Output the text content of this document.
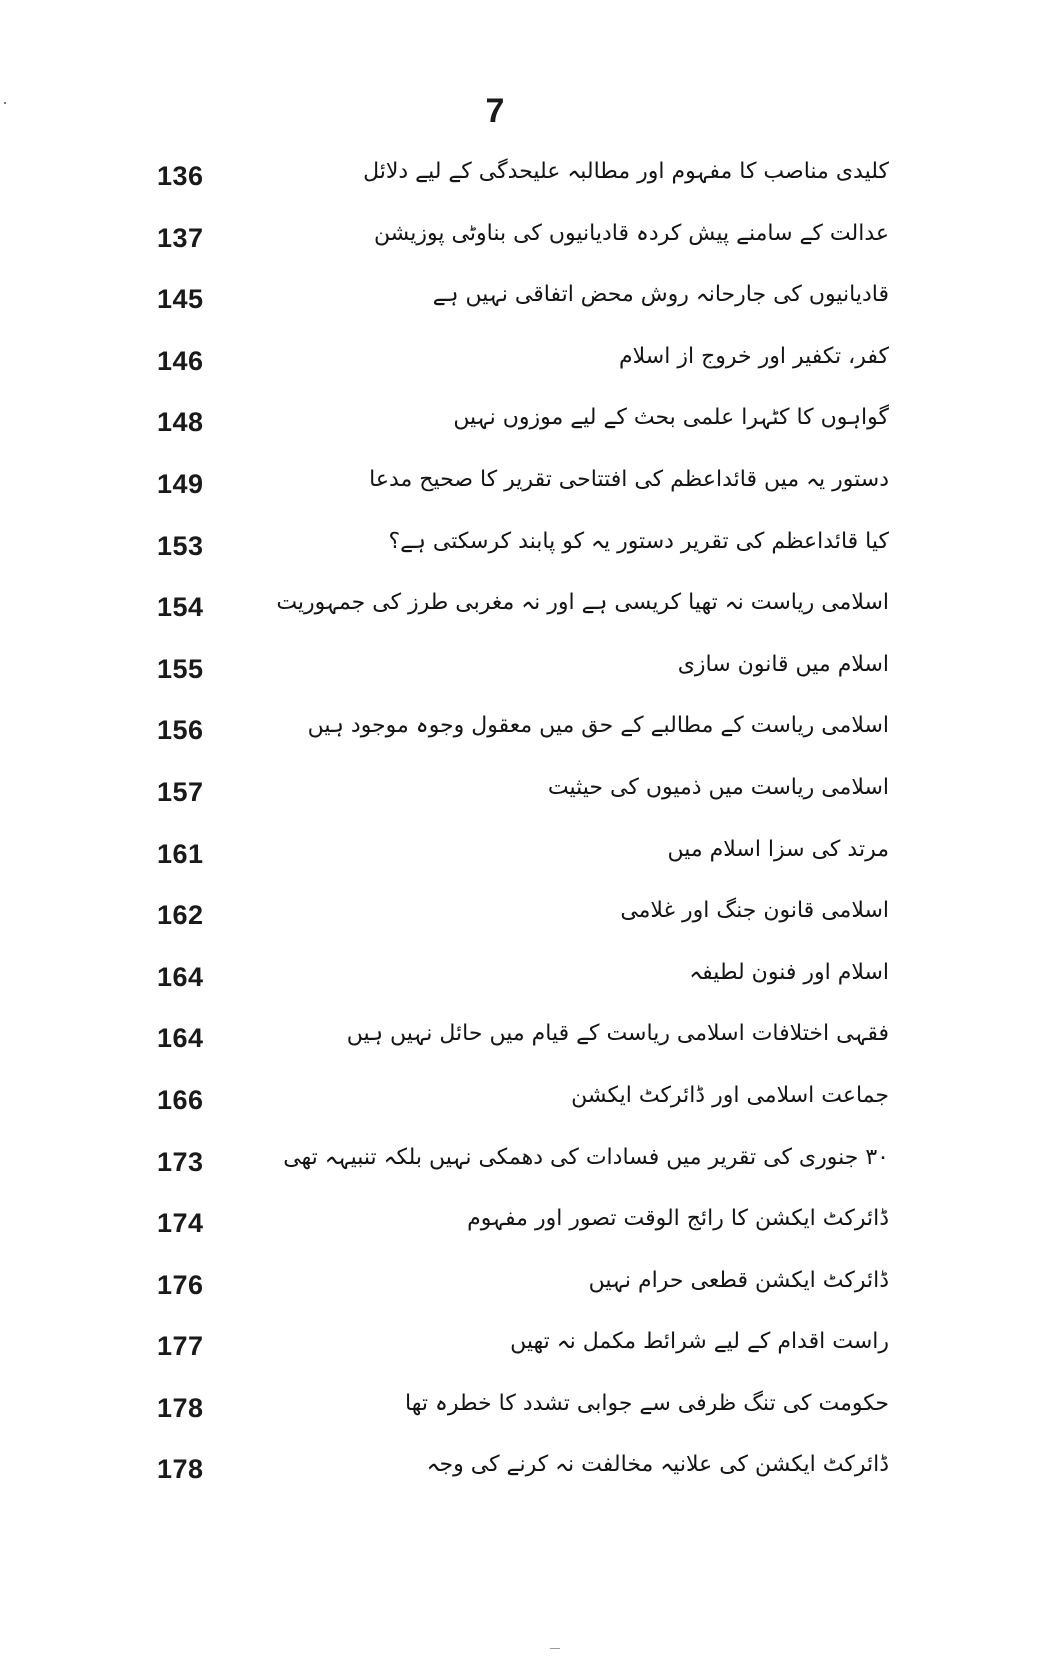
7
136	کلیدی مناصب کا مفہوم اور مطالبہ علیحدگی کے لیے دلائل
137	عدالت کے سامنے پیش کردہ قادیانیوں کی بناوٹی پوزیشن
145	قادیانیوں کی جارحانہ روش محض اتفاقی نہیں ہے
146	کفر، تکفیر اور خروج از اسلام
148	گواہوں کا کٹہرا علمی بحث کے لیے موزوں نہیں
149	دستور یہ میں قائداعظم کی افتتاحی تقریر کا صحیح مدعا
153	کیا قائداعظم کی تقریر دستور یہ کو پابند کرسکتی ہے؟
154	اسلامی ریاست نہ تھیا کریسی ہے اور نہ مغربی طرز کی جمہوریت
155	اسلام میں قانون سازی
156	اسلامی ریاست کے مطالبے کے حق میں معقول وجوہ موجود ہیں
157	اسلامی ریاست میں ذمیوں کی حیثیت
161	مرتد کی سزا اسلام میں
162	اسلامی قانون جنگ اور غلامی
164	اسلام اور فنون لطیفہ
164	فقہی اختلافات اسلامی ریاست کے قیام میں حائل نہیں ہیں
166	جماعت اسلامی اور ڈائرکٹ ایکشن
173	۳۰ جنوری کی تقریر میں فسادات کی دھمکی نہیں بلکہ تنبیہہ تھی
174	ڈائرکٹ ایکشن کا رائج الوقت تصور اور مفہوم
176	ڈائرکٹ ایکشن قطعی حرام نہیں
177	راست اقدام کے لیے شرائط مکمل نہ تھیں
178	حکومت کی تنگ ظرفی سے جوابی تشدد کا خطرہ تھا
178	ڈائرکٹ ایکشن کی علانیہ مخالفت نہ کرنے کی وجہ
